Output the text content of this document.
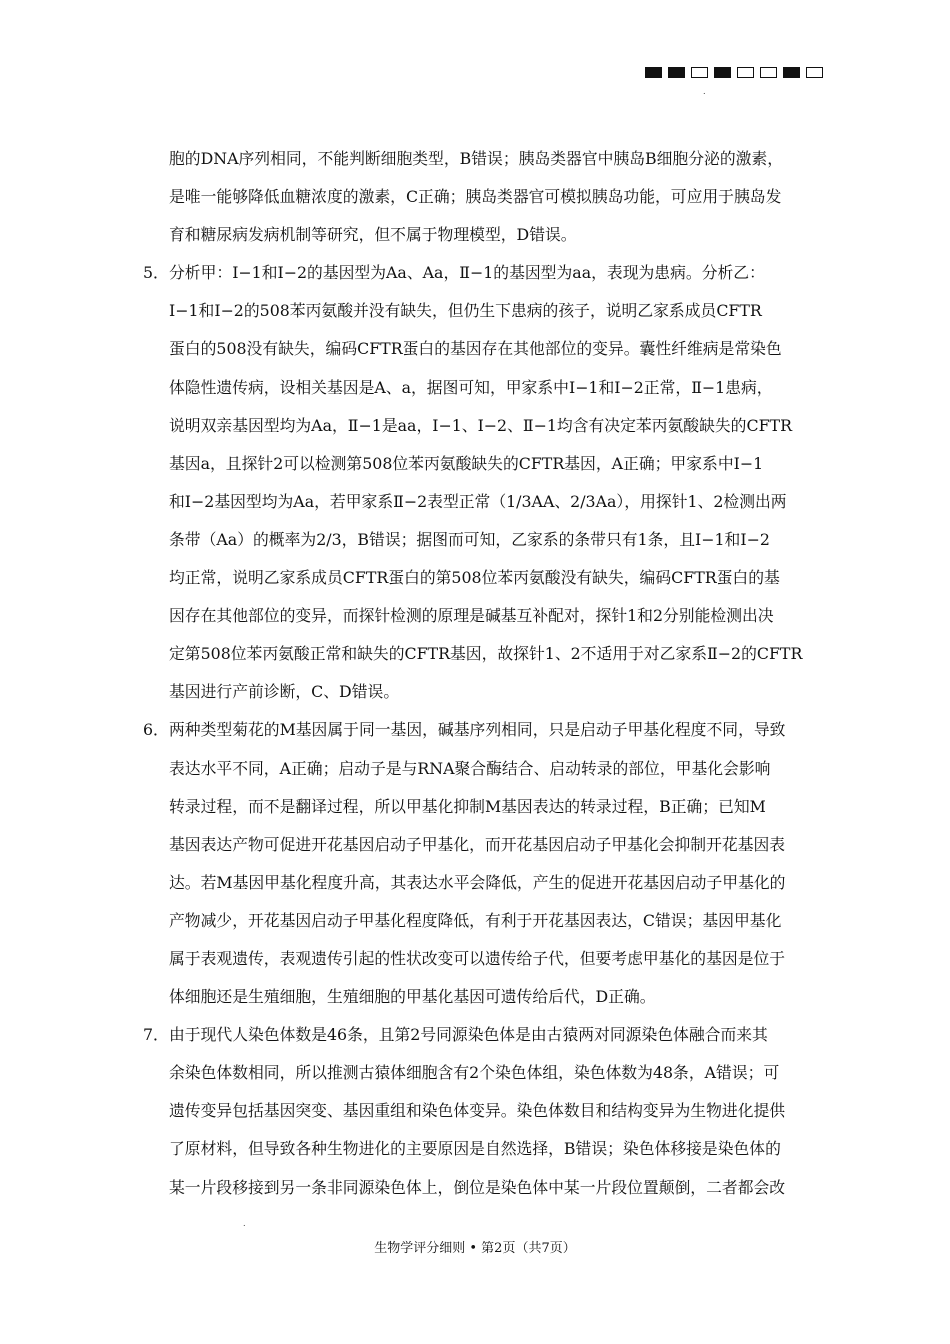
.
胞的DNA序列相同，不能判断细胞类型，B错误；胰岛类器官中胰岛B细胞分泌的激素，
是唯一能够降低血糖浓度的激素，C正确；胰岛类器官可模拟胰岛功能，可应用于胰岛发
育和糖尿病发病机制等研究，但不属于物理模型，D错误。
5． 分析甲：Ⅰ−1和Ⅰ−2的基因型为Aa、Aa，Ⅱ−1的基因型为aa，表现为患病。分析乙：
Ⅰ−1和Ⅰ−2的508苯丙氨酸并没有缺失，但仍生下患病的孩子，说明乙家系成员CFTR
蛋白的508没有缺失，编码CFTR蛋白的基因存在其他部位的变异。囊性纤维病是常染色
体隐性遗传病，设相关基因是A、a，据图可知，甲家系中Ⅰ−1和Ⅰ−2正常，Ⅱ−1患病，
说明双亲基因型均为Aa，Ⅱ−1是aa，Ⅰ−1、Ⅰ−2、Ⅱ−1均含有决定苯丙氨酸缺失的CFTR
基因a，且探针2可以检测第508位苯丙氨酸缺失的CFTR基因，A正确；甲家系中Ⅰ−1
和Ⅰ−2基因型均为Aa，若甲家系Ⅱ−2表型正常（1/3AA、2/3Aa），用探针1、2检测出两
条带（Aa）的概率为2/3，B错误；据图而可知，乙家系的条带只有1条，且Ⅰ−1和Ⅰ−2
均正常，说明乙家系成员CFTR蛋白的第508位苯丙氨酸没有缺失，编码CFTR蛋白的基
因存在其他部位的变异，而探针检测的原理是碱基互补配对，探针1和2分别能检测出决
定第508位苯丙氨酸正常和缺失的CFTR基因，故探针1、2不适用于对乙家系Ⅱ−2的CFTR
基因进行产前诊断，C、D错误。
6． 两种类型菊花的M基因属于同一基因，碱基序列相同，只是启动子甲基化程度不同，导致
表达水平不同，A正确；启动子是与RNA聚合酶结合、启动转录的部位，甲基化会影响
转录过程，而不是翻译过程，所以甲基化抑制M基因表达的转录过程，B正确；已知M
基因表达产物可促进开花基因启动子甲基化，而开花基因启动子甲基化会抑制开花基因表
达。若M基因甲基化程度升高，其表达水平会降低，产生的促进开花基因启动子甲基化的
产物减少，开花基因启动子甲基化程度降低，有利于开花基因表达，C错误；基因甲基化
属于表观遗传，表观遗传引起的性状改变可以遗传给子代，但要考虑甲基化的基因是位于
体细胞还是生殖细胞，生殖细胞的甲基化基因可遗传给后代，D正确。
7． 由于现代人染色体数是46条，且第2号同源染色体是由古猿两对同源染色体融合而来其
余染色体数相同，所以推测古猿体细胞含有2个染色体组，染色体数为48条，A错误；可
遗传变异包括基因突变、基因重组和染色体变异。染色体数目和结构变异为生物进化提供
了原材料，但导致各种生物进化的主要原因是自然选择，B错误；染色体移接是染色体的
某一片段移接到另一条非同源染色体上，倒位是染色体中某一片段位置颠倒，二者都会改
.
生物学评分细则 • 第2页（共7页）
